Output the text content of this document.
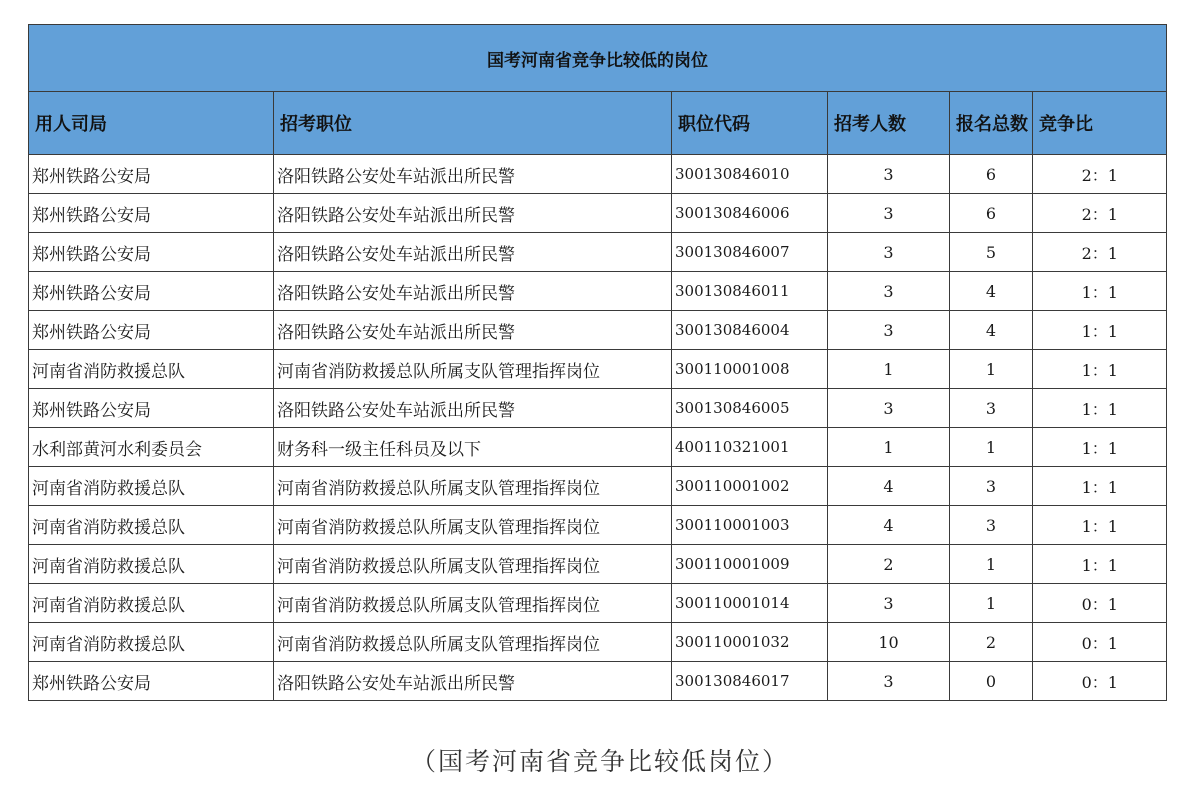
国考河南省竞争比较低的岗位					
用人司局	招考职位	职位代码	招考人数	报名总数	竞争比
郑州铁路公安局	洛阳铁路公安处车站派出所民警	300130846010	3	6	2：1
郑州铁路公安局	洛阳铁路公安处车站派出所民警	300130846006	3	6	2：1
郑州铁路公安局	洛阳铁路公安处车站派出所民警	300130846007	3	5	2：1
郑州铁路公安局	洛阳铁路公安处车站派出所民警	300130846011	3	4	1：1
郑州铁路公安局	洛阳铁路公安处车站派出所民警	300130846004	3	4	1：1
河南省消防救援总队	河南省消防救援总队所属支队管理指挥岗位	300110001008	1	1	1：1
郑州铁路公安局	洛阳铁路公安处车站派出所民警	300130846005	3	3	1：1
水利部黄河水利委员会	财务科一级主任科员及以下	400110321001	1	1	1：1
河南省消防救援总队	河南省消防救援总队所属支队管理指挥岗位	300110001002	4	3	1：1
河南省消防救援总队	河南省消防救援总队所属支队管理指挥岗位	300110001003	4	3	1：1
河南省消防救援总队	河南省消防救援总队所属支队管理指挥岗位	300110001009	2	1	1：1
河南省消防救援总队	河南省消防救援总队所属支队管理指挥岗位	300110001014	3	1	0：1
河南省消防救援总队	河南省消防救援总队所属支队管理指挥岗位	300110001032	10	2	0：1
郑州铁路公安局	洛阳铁路公安处车站派出所民警	300130846017	3	0	0：1
（国考河南省竞争比较低岗位）
